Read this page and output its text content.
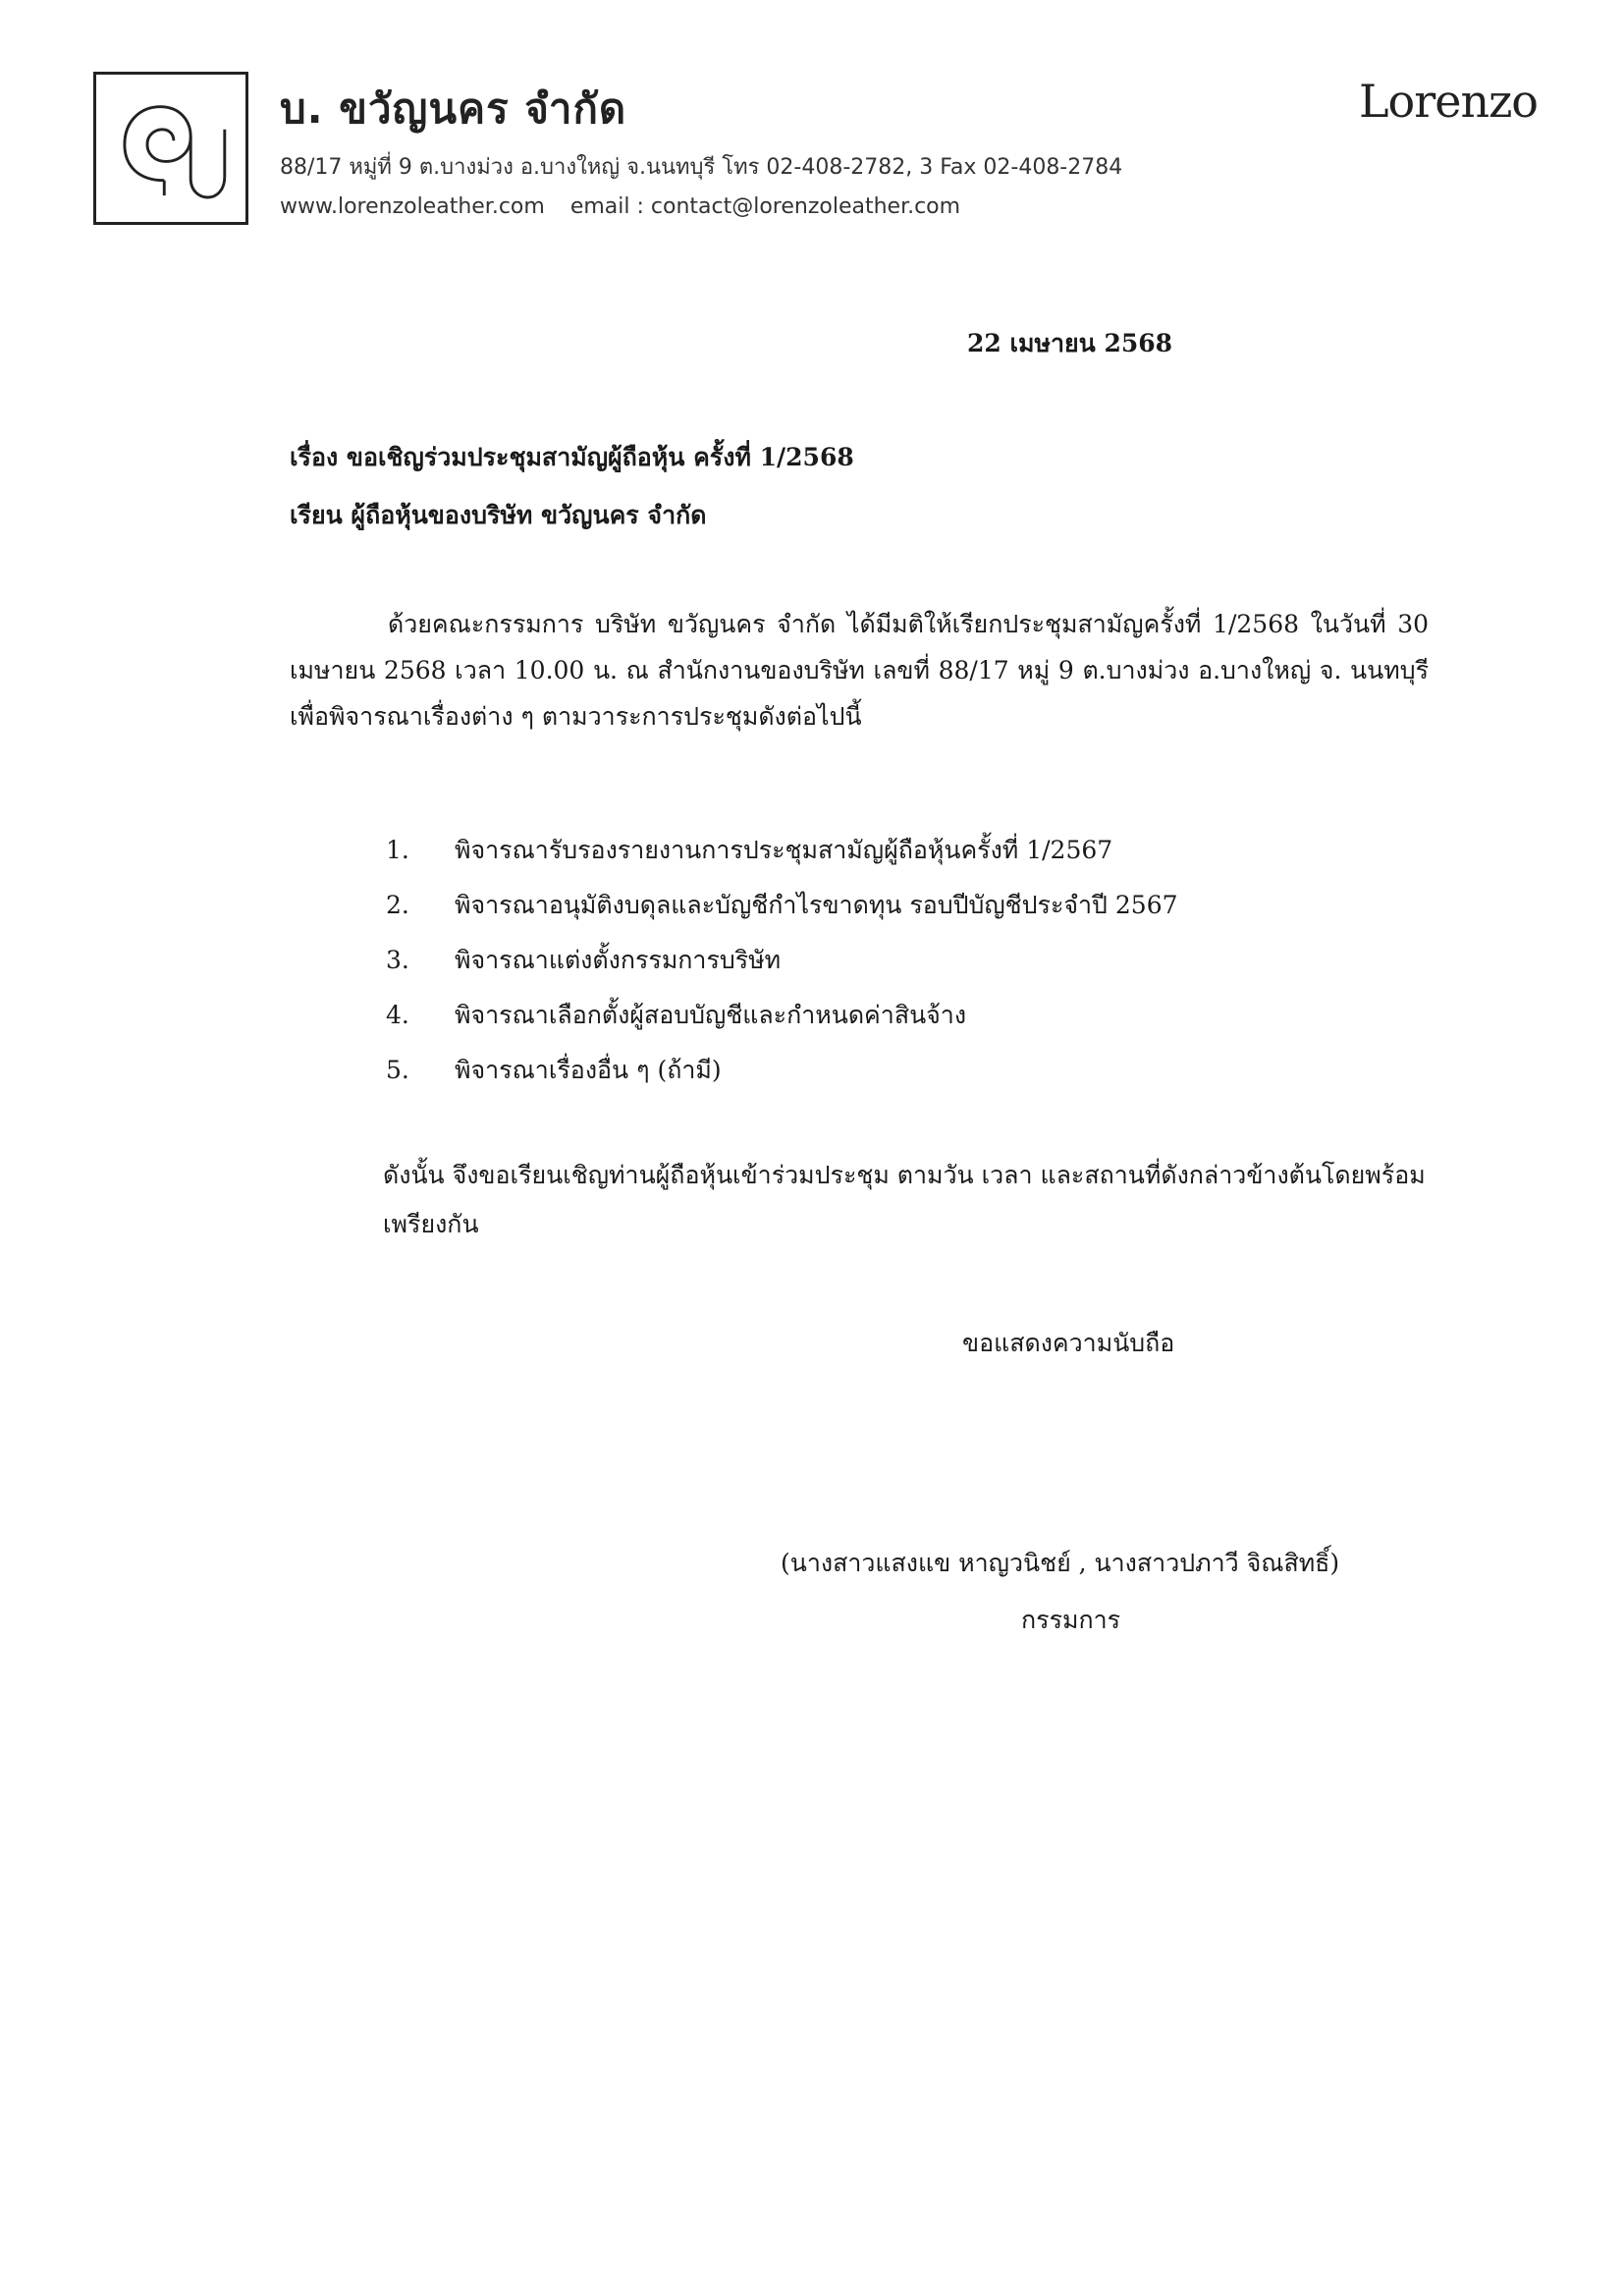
บ. ขวัญนคร จำกัด	Lorenzo
88/17 หมู่ที่ 9 ต.บางม่วง อ.บางใหญ่ จ.นนทบุรี โทร 02-408-2782, 3 Fax 02-408-2784
www.lorenzoleather.com email : contact@lorenzoleather.com
22 เมษายน 2568
เรื่อง ขอเชิญร่วมประชุมสามัญผู้ถือหุ้น ครั้งที่ 1/2568
เรียน ผู้ถือหุ้นของบริษัท ขวัญนคร จำกัด
ด้วยคณะกรรมการ บริษัท ขวัญนคร จำกัด ได้มีมติให้เรียกประชุมสามัญครั้งที่ 1/2568 ในวันที่ 30 เมษายน 2568 เวลา 10.00 น. ณ สำนักงานของบริษัท เลขที่ 88/17 หมู่ 9 ต.บางม่วง อ.บางใหญ่ จ. นนทบุรี เพื่อพิจารณาเรื่องต่าง ๆ ตามวาระการประชุมดังต่อไปนี้
1. พิจารณารับรองรายงานการประชุมสามัญผู้ถือหุ้นครั้งที่ 1/2567
2. พิจารณาอนุมัติงบดุลและบัญชีกำไรขาดทุน รอบปีบัญชีประจำปี 2567
3. พิจารณาแต่งตั้งกรรมการบริษัท
4. พิจารณาเลือกตั้งผู้สอบบัญชีและกำหนดค่าสินจ้าง
5. พิจารณาเรื่องอื่น ๆ (ถ้ามี)
ดังนั้น จึงขอเรียนเชิญท่านผู้ถือหุ้นเข้าร่วมประชุม ตามวัน เวลา และสถานที่ดังกล่าวข้างต้นโดยพร้อมเพรียงกัน
ขอแสดงความนับถือ
(นางสาวแสงแข หาญวนิชย์ , นางสาวปภาวี จิณสิทธิ์)
กรรมการ
